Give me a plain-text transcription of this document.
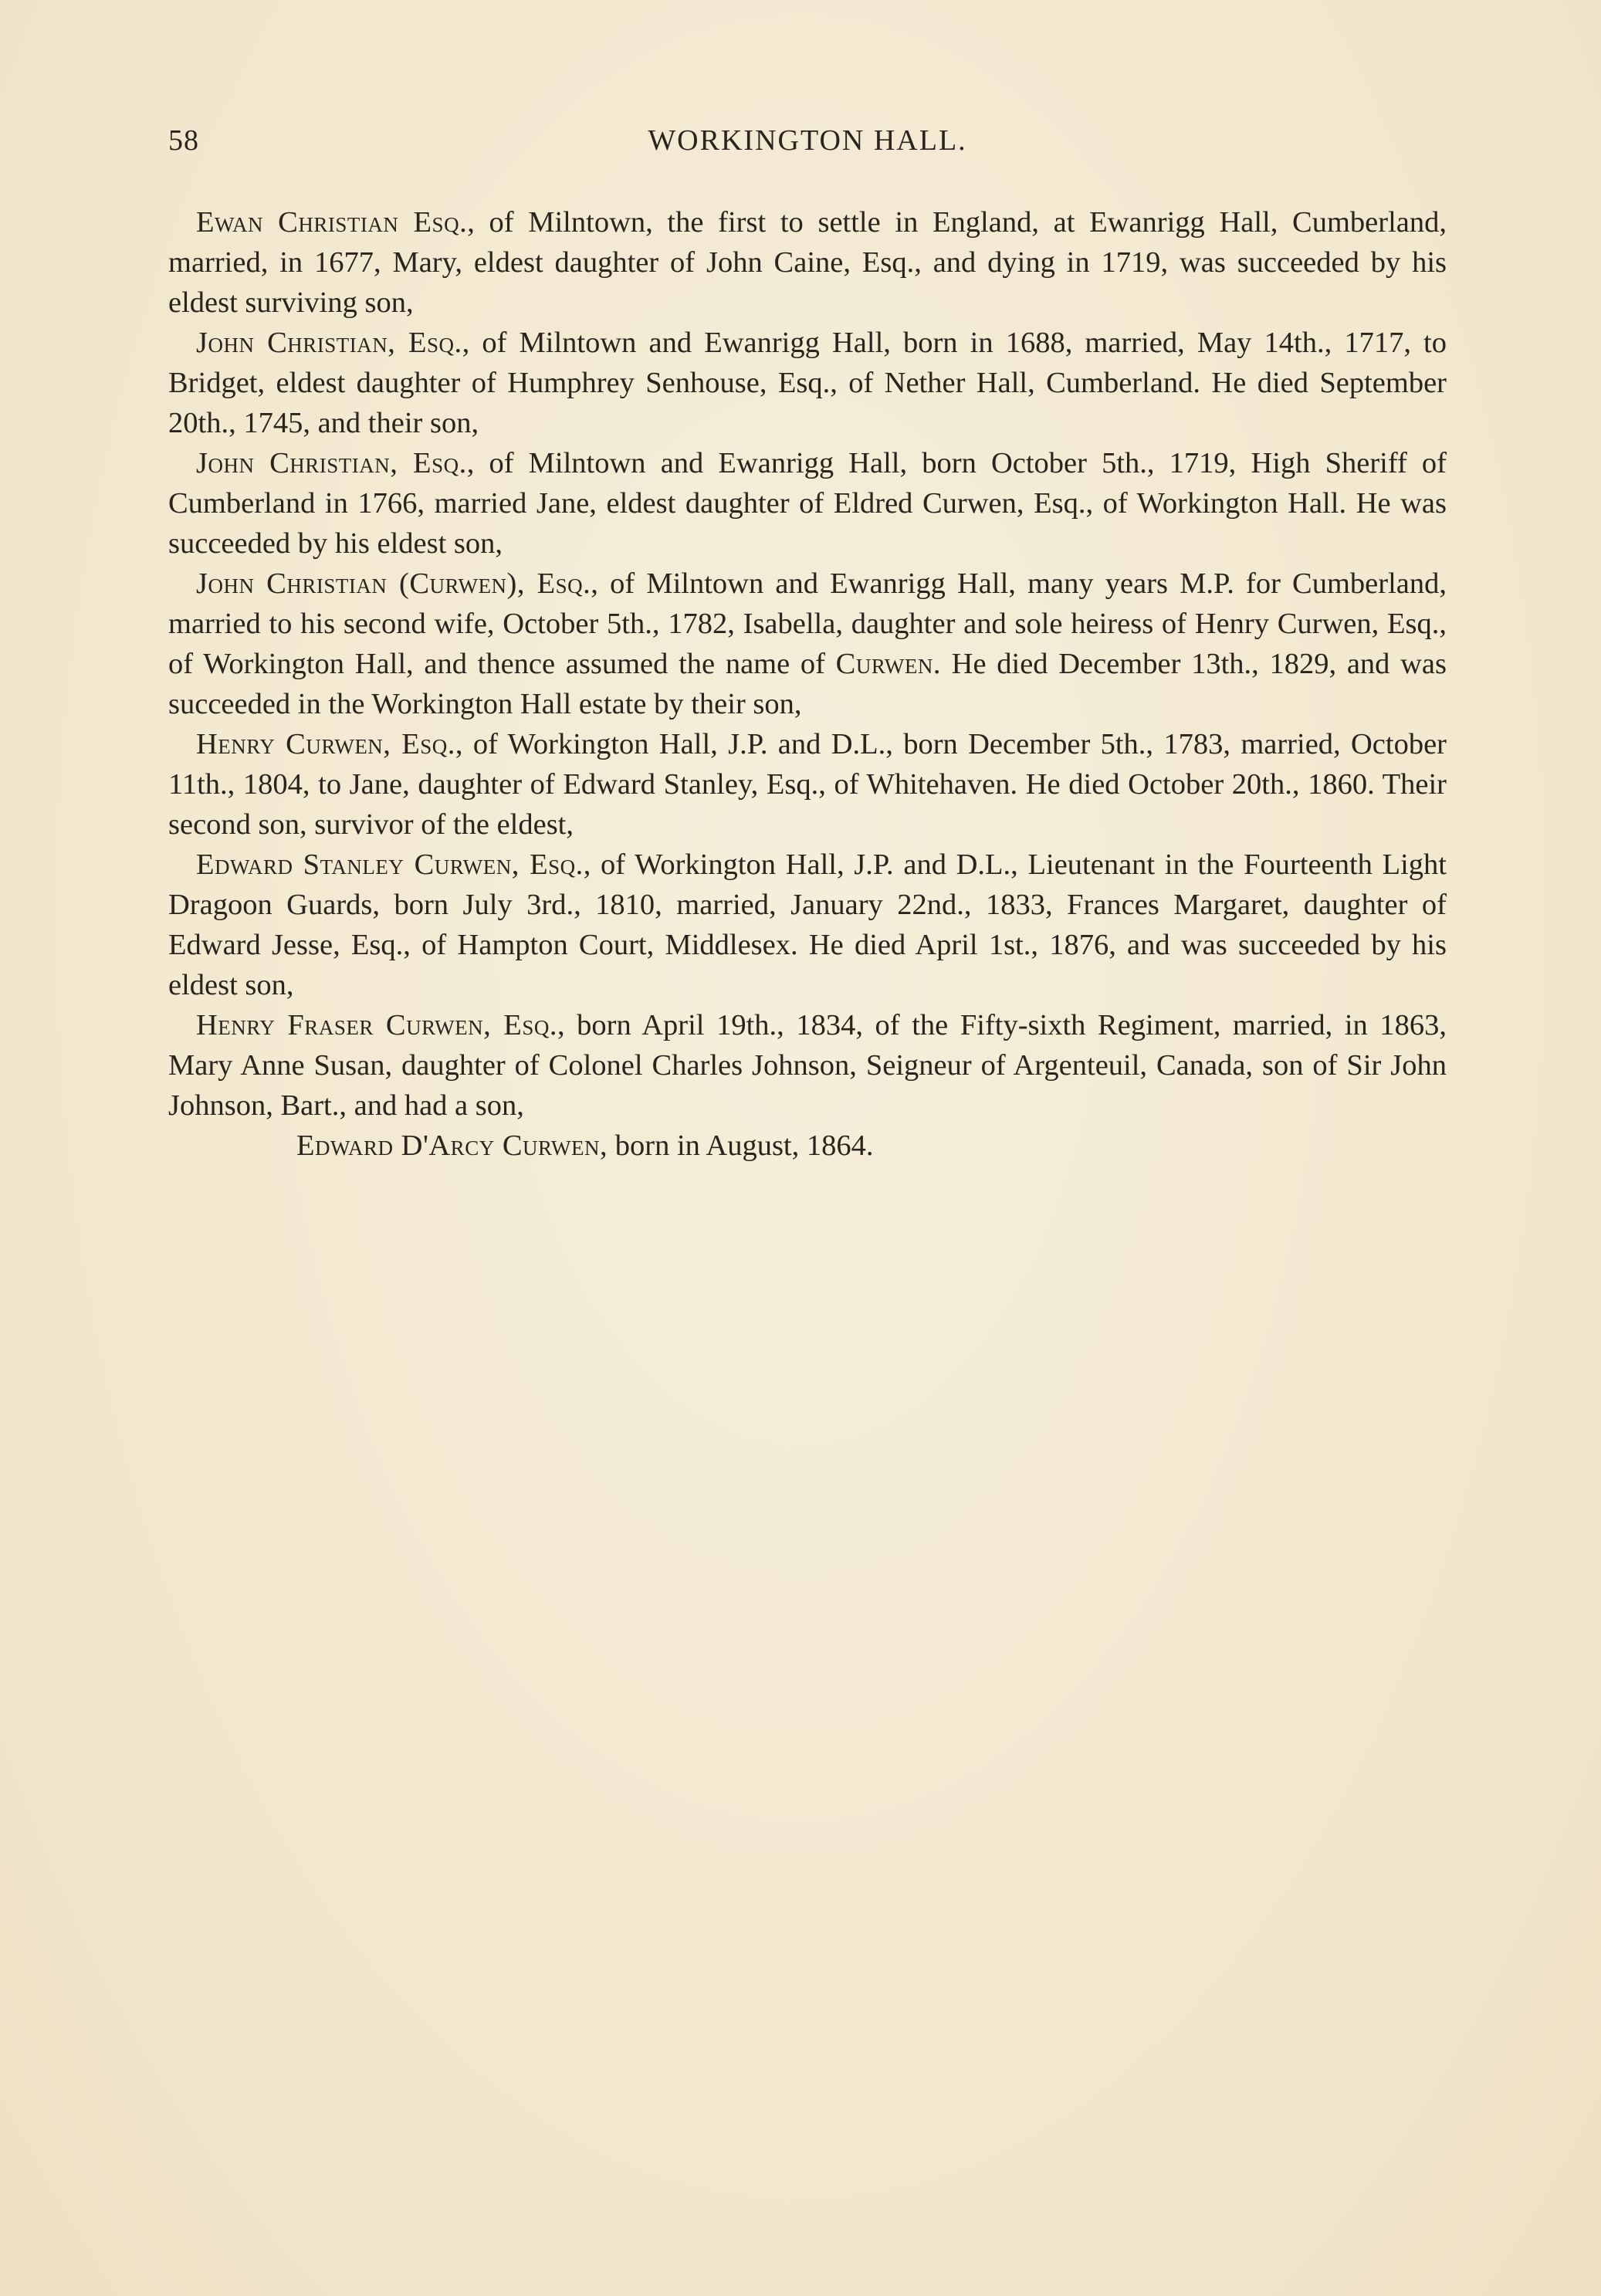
58	WORKINGTON HALL.

Ewan Christian Esq., of Milntown, the first to settle in England, at Ewanrigg Hall, Cumberland, married, in 1677, Mary, eldest daughter of John Caine, Esq., and dying in 1719, was succeeded by his eldest surviving son,

John Christian, Esq., of Milntown and Ewanrigg Hall, born in 1688, married, May 14th., 1717, to Bridget, eldest daughter of Humphrey Senhouse, Esq., of Nether Hall, Cumberland. He died September 20th., 1745, and their son,

John Christian, Esq., of Milntown and Ewanrigg Hall, born October 5th., 1719, High Sheriff of Cumberland in 1766, married Jane, eldest daughter of Eldred Curwen, Esq., of Workington Hall. He was succeeded by his eldest son,

John Christian (Curwen), Esq., of Milntown and Ewanrigg Hall, many years M.P. for Cumberland, married to his second wife, October 5th., 1782, Isabella, daughter and sole heiress of Henry Curwen, Esq., of Workington Hall, and thence assumed the name of Curwen. He died December 13th., 1829, and was succeeded in the Workington Hall estate by their son,

Henry Curwen, Esq., of Workington Hall, J.P. and D.L., born December 5th., 1783, married, October 11th., 1804, to Jane, daughter of Edward Stanley, Esq., of Whitehaven. He died October 20th., 1860. Their second son, survivor of the eldest,

Edward Stanley Curwen, Esq., of Workington Hall, J.P. and D.L., Lieutenant in the Fourteenth Light Dragoon Guards, born July 3rd., 1810, married, January 22nd., 1833, Frances Margaret, daughter of Edward Jesse, Esq., of Hampton Court, Middlesex. He died April 1st., 1876, and was succeeded by his eldest son,

Henry Fraser Curwen, Esq., born April 19th., 1834, of the Fifty-sixth Regiment, married, in 1863, Mary Anne Susan, daughter of Colonel Charles Johnson, Seigneur of Argenteuil, Canada, son of Sir John Johnson, Bart., and had a son,

Edward D'Arcy Curwen, born in August, 1864.
